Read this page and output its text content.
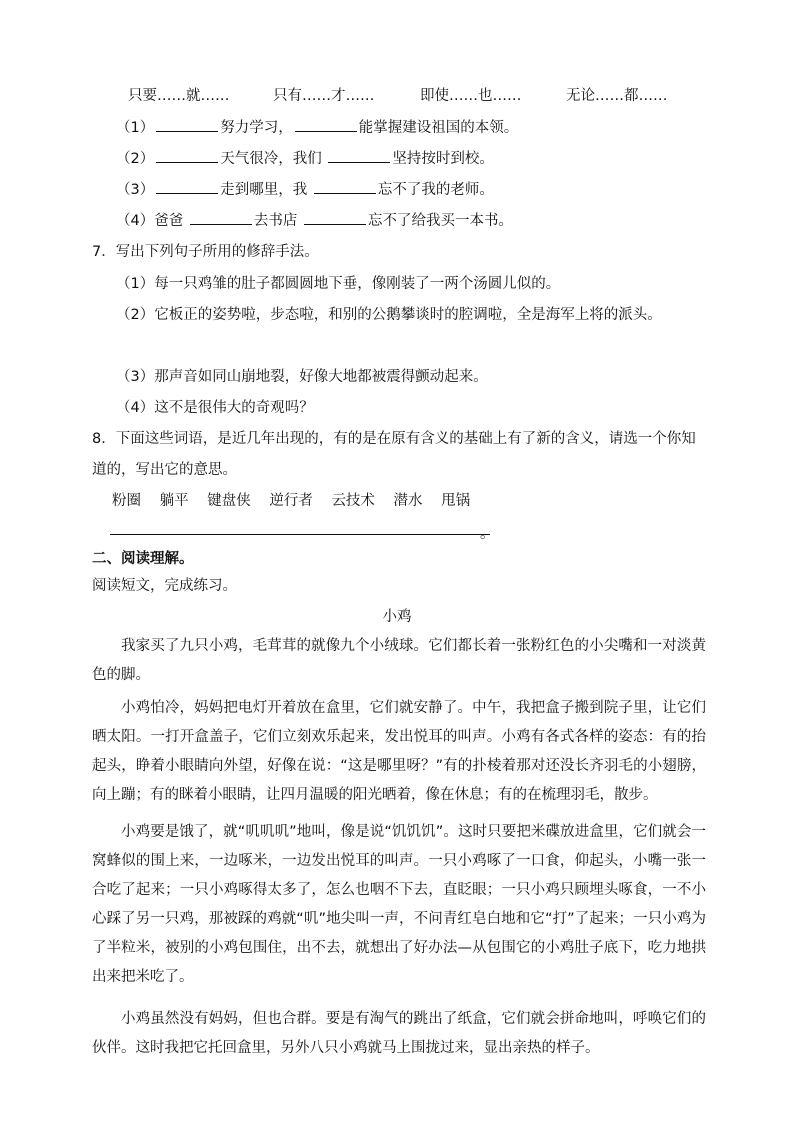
只要……就……	只有……才……	即使……也……	无论……都……
（1）	努力学习，	能掌握建设祖国的本领。
（2）	天气很冷，我们	坚持按时到校。
（3）	走到哪里，我	忘不了我的老师。
（4）爸爸	去书店	忘不了给我买一本书。
7．写出下列句子所用的修辞手法。
（1）每一只鸡雏的肚子都圆圆地下垂，像刚装了一两个汤圆儿似的。
（2）它板正的姿势啦，步态啦，和别的公鹅攀谈时的腔调啦，全是海军上将的派头。
（3）那声音如同山崩地裂，好像大地都被震得颤动起来。
（4）这不是很伟大的奇观吗？
8．下面这些词语，是近几年出现的，有的是在原有含义的基础上有了新的含义，请选一个你知
道的，写出它的意思。
粉圈 躺平 键盘侠 逆行者 云技术 潜水 甩锅
。
二、阅读理解。
阅读短文，完成练习。
小鸡
我家买了九只小鸡，毛茸茸的就像九个小绒球。它们都长着一张粉红色的小尖嘴和一对淡黄色的脚。
小鸡怕冷，妈妈把电灯开着放在盒里，它们就安静了。中午，我把盒子搬到院子里，让它们晒太阳。一打开盒盖子，它们立刻欢乐起来，发出悦耳的叫声。小鸡有各式各样的姿态：有的抬起头，睁着小眼睛向外望，好像在说：“这是哪里呀？”有的扑棱着那对还没长齐羽毛的小翅膀，向上蹦；有的眯着小眼睛，让四月温暖的阳光晒着，像在休息；有的在梳理羽毛，散步。
小鸡要是饿了，就“叽叽叽”地叫，像是说“饥饥饥”。这时只要把米碟放进盒里，它们就会一窝蜂似的围上来，一边啄米，一边发出悦耳的叫声。一只小鸡啄了一口食，仰起头，小嘴一张一合吃了起来；一只小鸡啄得太多了，怎么也咽不下去，直眨眼；一只小鸡只顾埋头啄食，一不小心踩了另一只鸡，那被踩的鸡就“叽”地尖叫一声，不问青红皂白地和它“打”了起来；一只小鸡为了半粒米，被别的小鸡包围住，出不去，就想出了好办法—从包围它的小鸡肚子底下，吃力地拱出来把米吃了。
小鸡虽然没有妈妈，但也合群。要是有淘气的跳出了纸盒，它们就会拼命地叫，呼唤它们的伙伴。这时我把它托回盒里，另外八只小鸡就马上围拢过来，显出亲热的样子。
